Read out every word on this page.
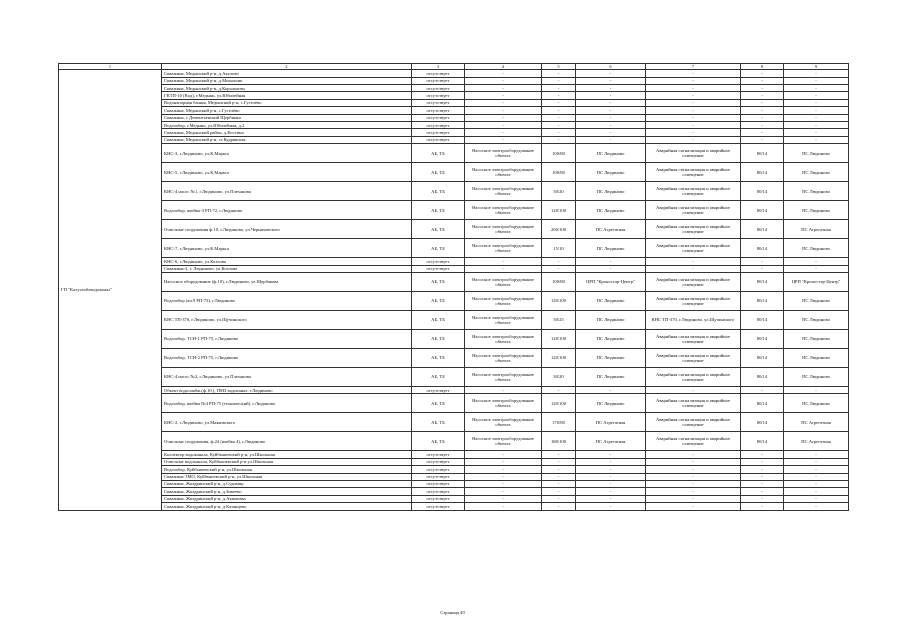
1	2	3	4	5	6	7	8	9
ГП "Калугаоблводоканал"	Скважина, Медынский р-н, д.Акулово	отсутствует	-	-	-	-	-	-
	Скважина, Медынский р-н, д.Михалчик	отсутствует	-	-	-	-	-	-
	Скважина, Медынский р-н, д.Корольково	отсутствует	-	-	-	-	-	-
	ГКТП-10 (Вод), г.Медынь, ул.Юбилейная	отсутствует	-	-	-	-	-	-
	Водонапорная башня, Медынский р-н, с.Гуселёво	отсутствует	-	-	-	-	-	-
	Скважина, Медынский р-н, с.Гуселёво	отсутствует	-	-	-	-	-	-
	Скважина, с.Дементьевский Щербинка	отсутствует	-	-	-	-	-	-
	Водозабор, г.Медынь, ул.Юбилейная, д.2	отсутствует	-	-	-	-	-	-
	Скважина, Медынский район, д.Костино	отсутствует	-	-	-	-	-	-
	Скважина, Медынский р-н, ст.Кудрявская	отсутствует	-	-	-	-	-	-
	КНС-3, г.Людиново, ул.К.Маркса	АБ, ТБ	Насосное электрооборудование объекта	100/80	ПС Людиново	Аварийная сигнализация и аварийное освещение	80/14	ПС Людиново
	КНС-5, г.Людиново, ул.К.Маркса	АБ, ТБ	Насосное электрооборудование объекта	100/80	ПС Людиново	Аварийная сигнализация и аварийное освещение	80/14	ПС Людиново
	КНС-4 насос №1, г.Людиново, ул.Плеханова	АБ, ТБ	Насосное электрооборудование объекта	30/20	ПС Людиново	Аварийная сигнализация и аварийное освещение	80/14	ПС Людиново
	Водозабор, ячейка-3 РП-72, г.Людиново	АБ, ТБ	Насосное электрооборудование объекта	120/100	ПС Людиново	Аварийная сигнализация и аварийное освещение	80/14	ПС Людиново
	Очистные сооружения ф.10, г.Людиново, ул.Черняховского	АБ, ТБ	Насосное электрооборудование объекта	200/100	ПС Агрегатная	Аварийная сигнализация и аварийное освещение	80/14	ПС Агрегатная
	КНС-7, г.Людиново, ул.К.Маркса	АБ, ТБ	Насосное электрооборудование объекта	15/10	ПС Людиново	Аварийная сигнализация и аварийное освещение	80/14	ПС Людиново
	КНС-6, г.Людиново, ул.Козлова	отсутствует	-	-	-	-	-	-
	Скважина-2, г. Людиново, ул.Козлова	отсутствует	-	-	-	-	-	-
	Насосное оборудование (ф.10), г.Людиново, ул.Щербакова	АБ, ТБ	Насосное электрооборудование объекта	100/80	ЦРП "Кроностар-Центр"	Аварийная сигнализация и аварийное освещение	80/14	ЦРП "Кроностар-Центр"
	Водозабор (яч.9 РП-73), г.Людиново	АБ, ТБ	Насосное электрооборудование объекта	120/100	ПС Людиново	Аварийная сигнализация и аварийное освещение	80/14	ПС Людиново
	КНС ТП-370, г.Людиново, ул.Щучинского	АБ, ТБ	Насосное электрооборудование объекта	30/25	ПС Людиново	КНС ТП-370, г.Людиново, ул.Щучинского	80/14	ПС Людиново
	Водозабор, ТСН-1 РП-75, г.Людиново	АБ, ТБ	Насосное электрооборудование объекта	120/100	ПС Людиново	Аварийная сигнализация и аварийное освещение	80/14	ПС Людиново
	Водозабор, ТСН-2 РП-75, г.Людиново	АБ, ТБ	Насосное электрооборудование объекта	120/100	ПС Людиново	Аварийная сигнализация и аварийное освещение	80/14	ПС Людиново
	КНС-4 насос №2, г.Людиново, ул.Плеханова	АБ, ТБ	Насосное электрооборудование объекта	30/20	ПС Людиново	Аварийная сигнализация и аварийное освещение	80/14	ПС Людиново
	Объект водоснабж.(ф.10 ), ПМЗ водоканал, г.Людиново	отсутствует	-	-	-	-	-	-
	Водозабор, ячейка №4 РП-75 (технический), г.Людиново	АБ, ТБ	Насосное электрооборудование объекта	120/100	ПС Людиново	Аварийная сигнализация и аварийное освещение	80/14	ПС Людиново
	КНС-2, г.Людиново, ул.Маяковского	АБ, ТБ	Насосное электрооборудование объекта	170/80	ПС Агрегатная	Аварийная сигнализация и аварийное освещение	80/14	ПС Агрегатная
	Очистные сооружения, ф.24 (ячейка 4), г.Людиново	АБ, ТБ	Насосное электрооборудование объекта	180/100	ПС Агрегатная	Аварийная сигнализация и аварийное освещение	80/14	ПС Агрегатная
	Коллектор водоканала, Куйбышевский р-н, ул.Школьная	отсутствует	-	-	-	-	-	-
	Очистные водоканала, Куйбышевский р-н ул.Школьная	отсутствует	-	-	-	-	-	-
	Водозабор, Куйбышевский р-н, ул.Школьная	отсутствует	-	-	-	-	-	-
	Скважина ТМО, Куйбышевский р-н, ул.Школьная	отсутствует	-	-	-	-	-	-
	Скважина, Жиздринский р-н, д.Судимир	отсутствует	-	-	-	-	-	-
	Скважина, Жиздринский р-н, д.Зикеево	отсутствует	-	-	-	-	-	-
	Скважина, Жиздринский р-н, д.Акимовка	отсутствует	-	-	-	-	-	-
	Скважина, Жиздринский р-н, д.Казанцево	отсутствует	-	-	-	-	-	-
Страница 49
